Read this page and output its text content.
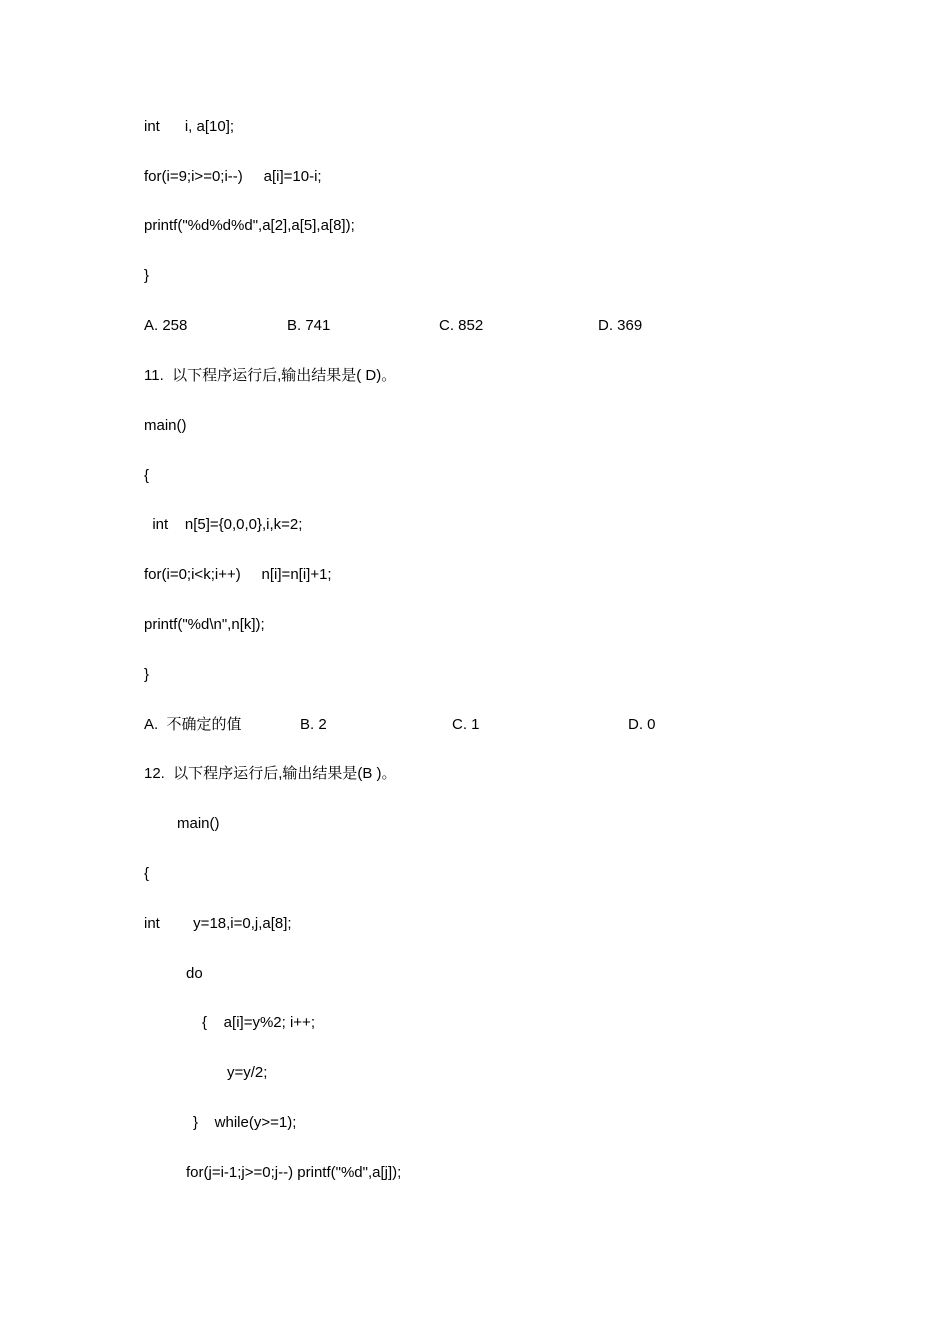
int      i, a[10];
for(i=9;i>=0;i--)     a[i]=10-i;
printf("%d%d%d",a[2],a[5],a[8]);
}
A. 258	B. 741	C. 852	D. 369
11.  以下程序运行后,输出结果是( D)。
main()
{
int    n[5]={0,0,0},i,k=2;
for(i=0;i<k;i++)     n[i]=n[i]+1;
printf("%d\n",n[k]);
}
A.  不确定的值	B. 2	C. 1	D. 0
12.  以下程序运行后,输出结果是(B )。
main()
{
int        y=18,i=0,j,a[8];
do
{    a[i]=y%2; i++;
y=y/2;
}    while(y>=1);
for(j=i-1;j>=0;j--) printf("%d",a[j]);
